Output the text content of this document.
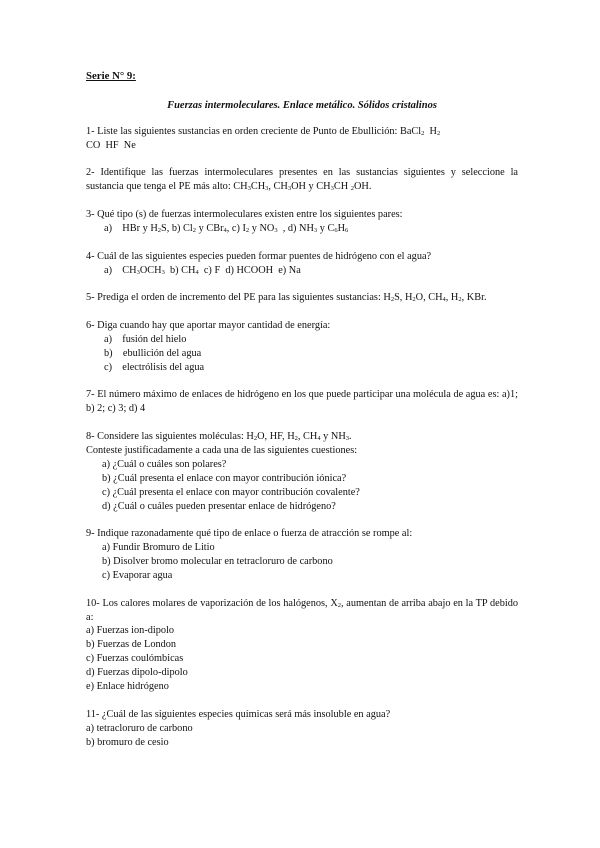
Serie N° 9:
Fuerzas intermoleculares. Enlace metálico. Sólidos cristalinos

1- Liste las siguientes sustancias en orden creciente de Punto de Ebullición: BaCl$_2$  $H_2$

CO  HF  Ne

2- Identifique las fuerzas intermoleculares presentes en las sustancias siguientes y seleccione la sustancia que tenga el PE más alto: $CH_3CH_3$, $CH_3OH$ y $CH_3CH$ $_2$OH.

3- Qué tipo (s) de fuerzas intermoleculares existen entre los siguientes pares:

a)    HBr y $H_2S$, b) $Cl_2$ y CBr$_4$, c) $I_2$ y $NO_3$  , d) $NH_3$ y $C_6H_6$

4- Cuál de las siguientes especies pueden formar puentes de hidrógeno con el agua?

a)    $CH_3OCH_3$  b) $CH_4$  c) F  d) HCOOH  e) Na

5- Prediga el orden de incremento del PE para las siguientes sustancias: $H_2S$, $H_2O$, $CH_4$, $H_2$, KBr.

6- Diga cuando hay que aportar mayor cantidad de energía:

a)    fusión del hielo

b)    ebullición del agua

c)    electrólisis del agua

7- El número máximo de enlaces de hidrógeno en los que puede participar una molécula de agua es: a)1; b) 2; c) 3; d) 4

8- Considere las siguientes moléculas: $H_2O$, HF, $H_2$, $CH_4$ y $NH_3$.

Conteste justificadamente a cada una de las siguientes cuestiones:

a) ¿Cuál o cuáles son polares?

b) ¿Cuál presenta el enlace con mayor contribución iónica?

c) ¿Cuál presenta el enlace con mayor contribución covalente?

d) ¿Cuál o cuáles pueden presentar enlace de hidrógeno?

9- Indique razonadamente qué tipo de enlace o fuerza de atracción se rompe al:

a) Fundir Bromuro de Litio

b) Disolver bromo molecular en tetracloruro de carbono

c) Evaporar agua

10- Los calores molares de vaporización de los halógenos, $X_2$, aumentan de arriba abajo en la TP debido a:

a) Fuerzas ion-dipolo

b) Fuerzas de London

c) Fuerzas coulómbicas

d) Fuerzas dipolo-dipolo

e) Enlace hidrógeno

11- ¿Cuál de las siguientes especies químicas será más insoluble en agua?

a) tetracloruro de carbono

b) bromuro de cesio
